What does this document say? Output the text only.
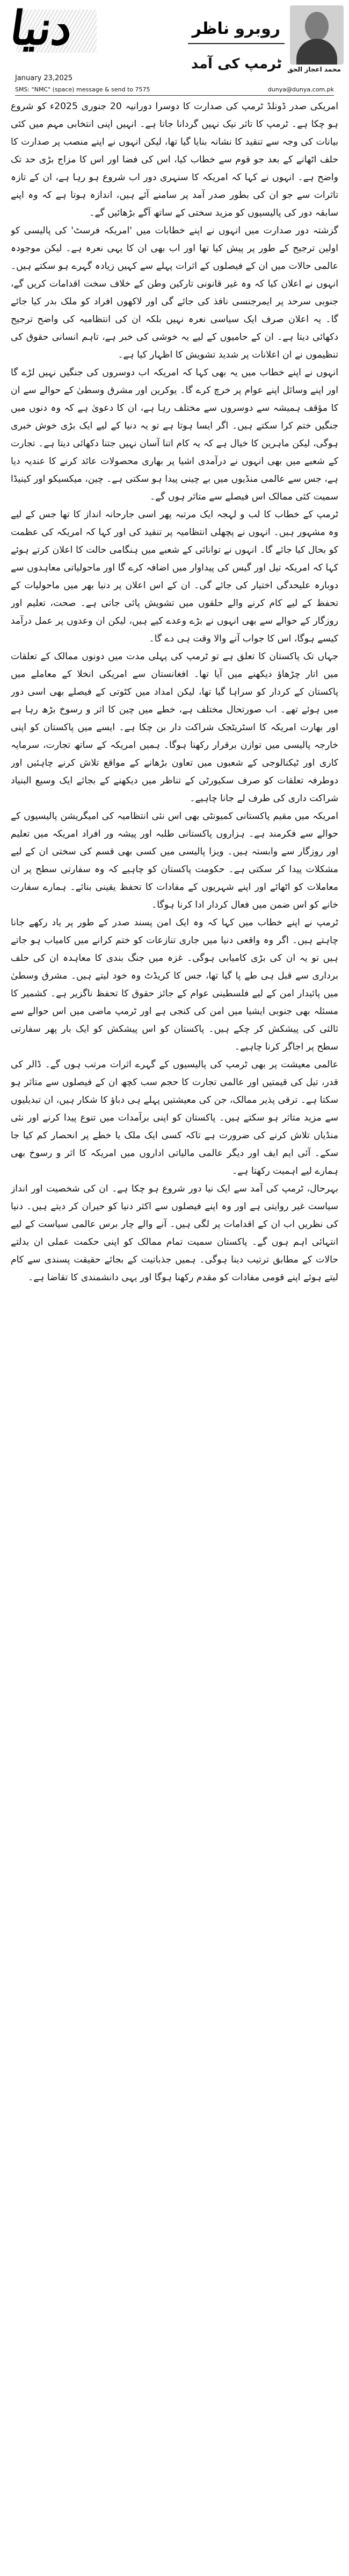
دنیا	روبرو ناظر
محمد اعجاز الحق
ٹرمپ کی آمد
January 23,2025
SMS: "NMC" (space) message & send to 7575	dunya@dunya.com.pk

امریکی صدر ڈونلڈ ٹرمپ کی صدارت کا دوسرا دورانیہ 20 جنوری 2025ء کو شروع ہو چکا ہے۔ ٹرمپ کا تاثر نیک نہیں گردانا جاتا ہے۔ انہیں اپنی انتخابی مہم میں کئی بیانات کی وجہ سے تنقید کا نشانہ بنایا گیا تھا، لیکن انہوں نے اپنے منصب پر صدارت کا حلف اٹھانے کے بعد جو قوم سے خطاب کیا، اس کی فضا اور اس کا مزاج بڑی حد تک واضح ہے۔ انہوں نے کہا کہ امریکہ کا سنہری دور اب شروع ہو رہا ہے، ان کے تازہ تاثرات سے جو ان کی بطور صدر آمد پر سامنے آئے ہیں، اندازہ ہوتا ہے کہ وہ اپنے سابقہ دور کی پالیسیوں کو مزید سختی کے ساتھ آگے بڑھائیں گے۔

گزشتہ دور صدارت میں انہوں نے اپنے خطابات میں 'امریکہ فرسٹ' کی پالیسی کو اولین ترجیح کے طور پر پیش کیا تھا اور اب بھی ان کا یہی نعرہ ہے۔ لیکن موجودہ عالمی حالات میں ان کے فیصلوں کے اثرات پہلے سے کہیں زیادہ گہرے ہو سکتے ہیں۔ انہوں نے اعلان کیا کہ وہ غیر قانونی تارکین وطن کے خلاف سخت اقدامات کریں گے، جنوبی سرحد پر ایمرجنسی نافذ کی جائے گی اور لاکھوں افراد کو ملک بدر کیا جائے گا۔ یہ اعلان صرف ایک سیاسی نعرہ نہیں بلکہ ان کی انتظامیہ کی واضح ترجیح دکھائی دیتا ہے۔ ان کے حامیوں کے لیے یہ خوشی کی خبر ہے، تاہم انسانی حقوق کی تنظیموں نے ان اعلانات پر شدید تشویش کا اظہار کیا ہے۔

انہوں نے اپنے خطاب میں یہ بھی کہا کہ امریکہ اب دوسروں کی جنگیں نہیں لڑے گا اور اپنے وسائل اپنے عوام پر خرچ کرے گا۔ یوکرین اور مشرق وسطیٰ کے حوالے سے ان کا مؤقف ہمیشہ سے دوسروں سے مختلف رہا ہے، ان کا دعویٰ ہے کہ وہ دنوں میں جنگیں ختم کرا سکتے ہیں۔ اگر ایسا ہوتا ہے تو یہ دنیا کے لیے ایک بڑی خوش خبری ہوگی، لیکن ماہرین کا خیال ہے کہ یہ کام اتنا آسان نہیں جتنا دکھائی دیتا ہے۔ تجارت کے شعبے میں بھی انہوں نے درآمدی اشیا پر بھاری محصولات عائد کرنے کا عندیہ دیا ہے، جس سے عالمی منڈیوں میں بے چینی پیدا ہو سکتی ہے۔ چین، میکسیکو اور کینیڈا سمیت کئی ممالک اس فیصلے سے متاثر ہوں گے۔

ٹرمپ کے خطاب کا لب و لہجہ ایک مرتبہ پھر اسی جارحانہ انداز کا تھا جس کے لیے وہ مشہور ہیں۔ انہوں نے پچھلی انتظامیہ پر تنقید کی اور کہا کہ امریکہ کی عظمت کو بحال کیا جائے گا۔ انہوں نے توانائی کے شعبے میں ہنگامی حالت کا اعلان کرتے ہوئے کہا کہ امریکہ تیل اور گیس کی پیداوار میں اضافہ کرے گا اور ماحولیاتی معاہدوں سے دوبارہ علیحدگی اختیار کی جائے گی۔ ان کے اس اعلان پر دنیا بھر میں ماحولیات کے تحفظ کے لیے کام کرنے والے حلقوں میں تشویش پائی جاتی ہے۔ صحت، تعلیم اور روزگار کے حوالے سے بھی انہوں نے بڑے وعدے کیے ہیں، لیکن ان وعدوں پر عمل درآمد کیسے ہوگا، اس کا جواب آنے والا وقت ہی دے گا۔

جہاں تک پاکستان کا تعلق ہے تو ٹرمپ کی پہلی مدت میں دونوں ممالک کے تعلقات میں اتار چڑھاؤ دیکھنے میں آیا تھا۔ افغانستان سے امریکی انخلا کے معاملے میں پاکستان کے کردار کو سراہا گیا تھا، لیکن امداد میں کٹوتی کے فیصلے بھی اسی دور میں ہوئے تھے۔ اب صورتحال مختلف ہے، خطے میں چین کا اثر و رسوخ بڑھ رہا ہے اور بھارت امریکہ کا اسٹریٹجک شراکت دار بن چکا ہے۔ ایسے میں پاکستان کو اپنی خارجہ پالیسی میں توازن برقرار رکھنا ہوگا۔ ہمیں امریکہ کے ساتھ تجارت، سرمایہ کاری اور ٹیکنالوجی کے شعبوں میں تعاون بڑھانے کے مواقع تلاش کرنے چاہئیں اور دوطرفہ تعلقات کو صرف سکیورٹی کے تناظر میں دیکھنے کے بجائے ایک وسیع البنیاد شراکت داری کی طرف لے جانا چاہیے۔

امریکہ میں مقیم پاکستانی کمیونٹی بھی اس نئی انتظامیہ کی امیگریشن پالیسیوں کے حوالے سے فکرمند ہے۔ ہزاروں پاکستانی طلبہ اور پیشہ ور افراد امریکہ میں تعلیم اور روزگار سے وابستہ ہیں۔ ویزا پالیسی میں کسی بھی قسم کی سختی ان کے لیے مشکلات پیدا کر سکتی ہے۔ حکومت پاکستان کو چاہیے کہ وہ سفارتی سطح پر ان معاملات کو اٹھائے اور اپنے شہریوں کے مفادات کا تحفظ یقینی بنائے۔ ہمارے سفارت خانے کو اس ضمن میں فعال کردار ادا کرنا ہوگا۔

ٹرمپ نے اپنے خطاب میں کہا کہ وہ ایک امن پسند صدر کے طور پر یاد رکھے جانا چاہتے ہیں۔ اگر وہ واقعی دنیا میں جاری تنازعات کو ختم کرانے میں کامیاب ہو جاتے ہیں تو یہ ان کی بڑی کامیابی ہوگی۔ غزہ میں جنگ بندی کا معاہدہ ان کی حلف برداری سے قبل ہی طے پا گیا تھا، جس کا کریڈٹ وہ خود لیتے ہیں۔ مشرق وسطیٰ میں پائیدار امن کے لیے فلسطینی عوام کے جائز حقوق کا تحفظ ناگزیر ہے۔ کشمیر کا مسئلہ بھی جنوبی ایشیا میں امن کی کنجی ہے اور ٹرمپ ماضی میں اس حوالے سے ثالثی کی پیشکش کر چکے ہیں۔ پاکستان کو اس پیشکش کو ایک بار پھر سفارتی سطح پر اجاگر کرنا چاہیے۔

عالمی معیشت پر بھی ٹرمپ کی پالیسیوں کے گہرے اثرات مرتب ہوں گے۔ ڈالر کی قدر، تیل کی قیمتیں اور عالمی تجارت کا حجم سب کچھ ان کے فیصلوں سے متاثر ہو سکتا ہے۔ ترقی پذیر ممالک، جن کی معیشتیں پہلے ہی دباؤ کا شکار ہیں، ان تبدیلیوں سے مزید متاثر ہو سکتے ہیں۔ پاکستان کو اپنی برآمدات میں تنوع پیدا کرنے اور نئی منڈیاں تلاش کرنے کی ضرورت ہے تاکہ کسی ایک ملک یا خطے پر انحصار کم کیا جا سکے۔ آئی ایم ایف اور دیگر عالمی مالیاتی اداروں میں امریکہ کا اثر و رسوخ بھی ہمارے لیے اہمیت رکھتا ہے۔

بہرحال، ٹرمپ کی آمد سے ایک نیا دور شروع ہو چکا ہے۔ ان کی شخصیت اور انداز سیاست غیر روایتی ہے اور وہ اپنے فیصلوں سے اکثر دنیا کو حیران کر دیتے ہیں۔ دنیا کی نظریں اب ان کے اقدامات پر لگی ہیں۔ آنے والے چار برس عالمی سیاست کے لیے انتہائی اہم ہوں گے۔ پاکستان سمیت تمام ممالک کو اپنی حکمت عملی ان بدلتے حالات کے مطابق ترتیب دینا ہوگی۔ ہمیں جذباتیت کے بجائے حقیقت پسندی سے کام لیتے ہوئے اپنے قومی مفادات کو مقدم رکھنا ہوگا اور یہی دانشمندی کا تقاضا ہے۔
